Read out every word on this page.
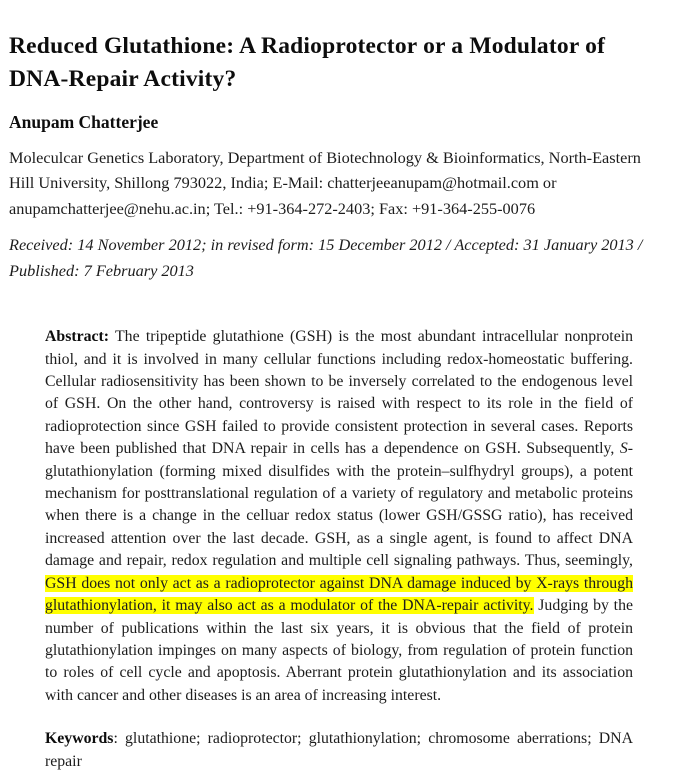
Reduced Glutathione: A Radioprotector or a Modulator of DNA-Repair Activity?
Anupam Chatterjee
Moleculcar Genetics Laboratory, Department of Biotechnology & Bioinformatics, North-Eastern Hill University, Shillong 793022, India; E-Mail: chatterjeeanupam@hotmail.com or anupamchatterjee@nehu.ac.in; Tel.: +91-364-272-2403; Fax: +91-364-255-0076
Received: 14 November 2012; in revised form: 15 December 2012 / Accepted: 31 January 2013 / Published: 7 February 2013

Abstract: The tripeptide glutathione (GSH) is the most abundant intracellular nonprotein thiol, and it is involved in many cellular functions including redox-homeostatic buffering. Cellular radiosensitivity has been shown to be inversely correlated to the endogenous level of GSH. On the other hand, controversy is raised with respect to its role in the field of radioprotection since GSH failed to provide consistent protection in several cases. Reports have been published that DNA repair in cells has a dependence on GSH. Subsequently, S-glutathionylation (forming mixed disulfides with the protein–sulfhydryl groups), a potent mechanism for posttranslational regulation of a variety of regulatory and metabolic proteins when there is a change in the celluar redox status (lower GSH/GSSG ratio), has received increased attention over the last decade. GSH, as a single agent, is found to affect DNA damage and repair, redox regulation and multiple cell signaling pathways. Thus, seemingly, GSH does not only act as a radioprotector against DNA damage induced by X-rays through glutathionylation, it may also act as a modulator of the DNA-repair activity. Judging by the number of publications within the last six years, it is obvious that the field of protein glutathionylation impinges on many aspects of biology, from regulation of protein function to roles of cell cycle and apoptosis. Aberrant protein glutathionylation and its association with cancer and other diseases is an area of increasing interest.

Keywords: glutathione; radioprotector; glutathionylation; chromosome aberrations; DNA repair
